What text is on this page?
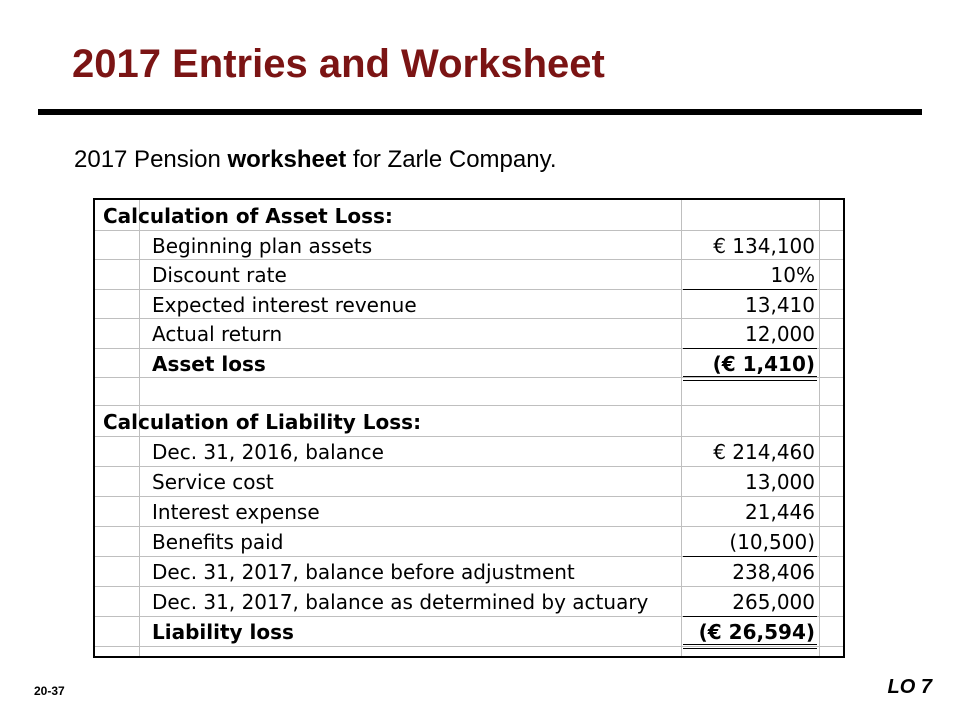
2017 Entries and Worksheet
2017 Pension worksheet for Zarle Company.
Calculation of Asset Loss:
Beginning plan assets	€ 134,100
Discount rate	10%
Expected interest revenue	13,410
Actual return	12,000
Asset loss	(€ 1,410)
Calculation of Liability Loss:
Dec. 31, 2016, balance	€ 214,460
Service cost	13,000
Interest expense	21,446
Benefits paid	(10,500)
Dec. 31, 2017, balance before adjustment	238,406
Dec. 31, 2017, balance as determined by actuary	265,000
Liability loss	(€ 26,594)
20-37	LO 7
